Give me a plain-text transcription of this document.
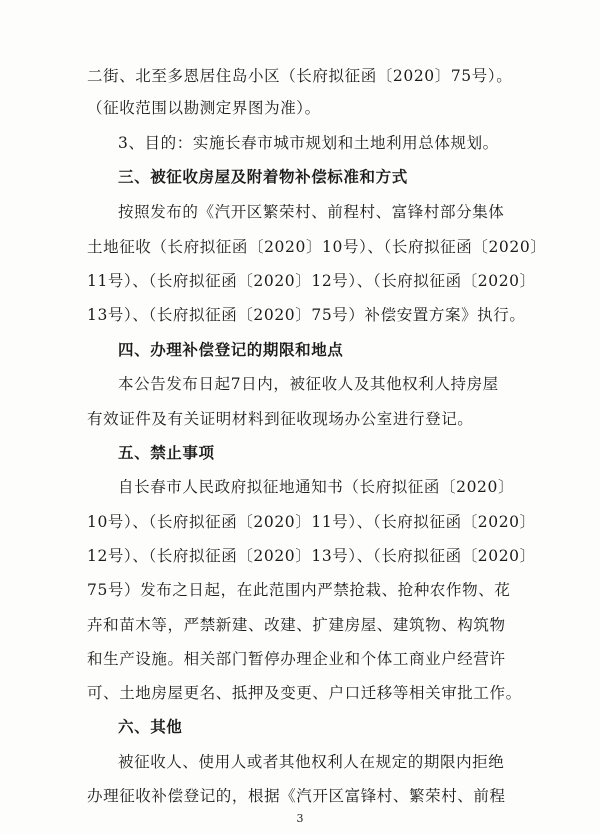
二街、北至多恩居住岛小区（长府拟征函〔2020〕75号）。
（征收范围以勘测定界图为准）。
3、目的：实施长春市城市规划和土地利用总体规划。
三、被征收房屋及附着物补偿标准和方式
按照发布的《汽开区繁荣村、前程村、富锋村部分集体
土地征收（长府拟征函〔2020〕10号）、（长府拟征函〔2020〕
11号）、（长府拟征函〔2020〕12号）、（长府拟征函〔2020〕
13号）、（长府拟征函〔2020〕75号）补偿安置方案》执行。
四、办理补偿登记的期限和地点
本公告发布日起7日内，被征收人及其他权利人持房屋
有效证件及有关证明材料到征收现场办公室进行登记。
五、禁止事项
自长春市人民政府拟征地通知书（长府拟征函〔2020〕
10号）、（长府拟征函〔2020〕11号）、（长府拟征函〔2020〕
12号）、（长府拟征函〔2020〕13号）、（长府拟征函〔2020〕
75号）发布之日起，在此范围内严禁抢栽、抢种农作物、花
卉和苗木等，严禁新建、改建、扩建房屋、建筑物、构筑物
和生产设施。相关部门暂停办理企业和个体工商业户经营许
可、土地房屋更名、抵押及变更、户口迁移等相关审批工作。
六、其他
被征收人、使用人或者其他权利人在规定的期限内拒绝
办理征收补偿登记的，根据《汽开区富锋村、繁荣村、前程
3
